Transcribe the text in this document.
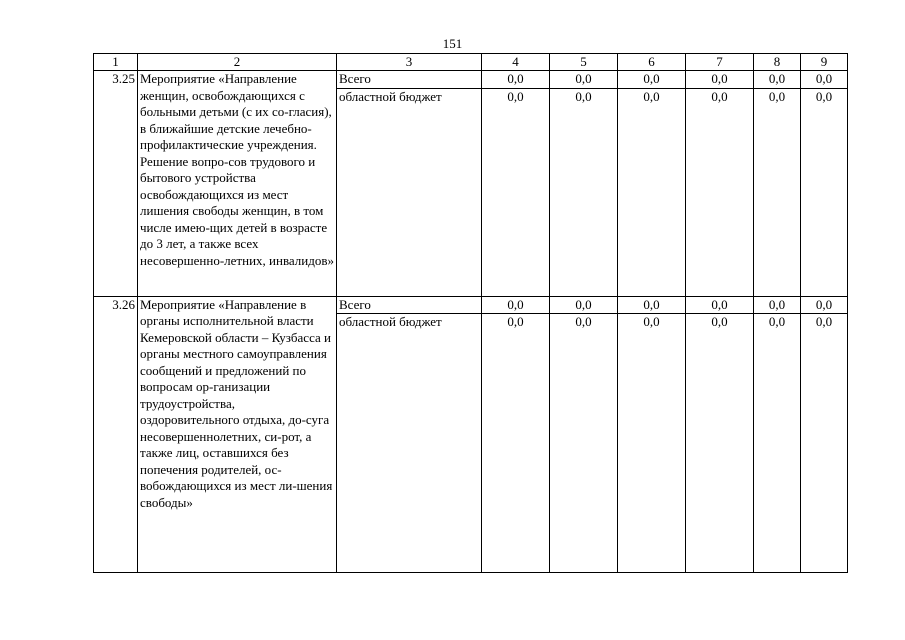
151
1	2	3	4	5	6	7	8	9
3.25	Мероприятие «Направление женщин, освобождающихся с больными детьми (с их со-гласия), в ближайшие детские лечебно-профилактические учреждения. Решение вопро-сов трудового и бытового устройства освобождающихся из мест лишения свободы женщин, в том числе имею-щих детей в возрасте до 3 лет, а также всех несовершенно-летних, инвалидов»	Всего	0,0	0,0	0,0	0,0	0,0	0,0
		областной бюджет	0,0	0,0	0,0	0,0	0,0	0,0
3.26	Мероприятие «Направление в органы исполнительной власти Кемеровской области – Кузбасса и органы местного самоуправления сообщений и предложений по вопросам ор-ганизации трудоустройства, оздоровительного отдыха, до-суга несовершеннолетних, си-рот, а также лиц, оставшихся без попечения родителей, ос-вобождающихся из мест ли-шения свободы»	Всего	0,0	0,0	0,0	0,0	0,0	0,0
		областной бюджет	0,0	0,0	0,0	0,0	0,0	0,0
